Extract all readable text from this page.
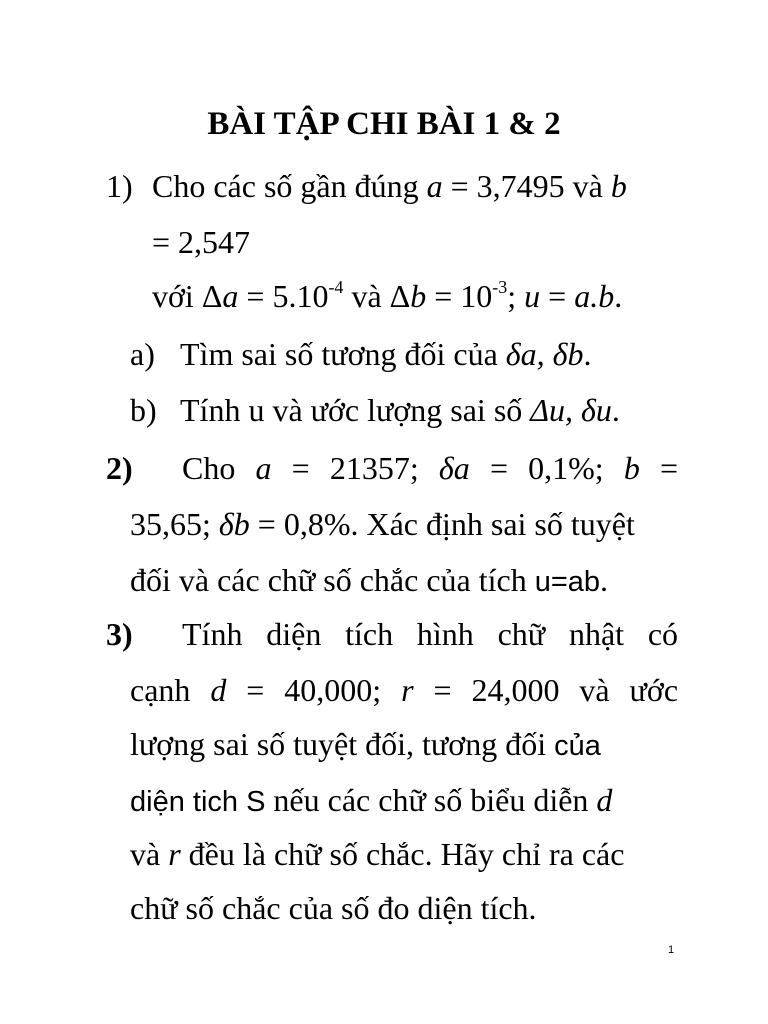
BÀI TẬP CHI BÀI 1 & 2
1) Cho các số gần đúng a = 3,7495 và b
= 2,547
với $\Delta a = 5.10^{-4}$ và $\Delta b = 10^{-3}$; u = a.b.
a) Tìm sai số tương đối của δa, δb.
b) Tính u và ước lượng sai số Δu, δu.
2) Cho a = 21357; δa = 0,1%; b =
35,65; δb = 0,8%. Xác định sai số tuyệt
đối và các chữ số chắc của tích u=ab.
3) Tính diện tích hình chữ nhật có
cạnh d = 40,000; r = 24,000 và ước
lượng sai số tuyệt đối, tương đối của
diện tich S nếu các chữ số biểu diễn d
và r đều là chữ số chắc. Hãy chỉ ra các
chữ số chắc của số đo diện tích.
1
